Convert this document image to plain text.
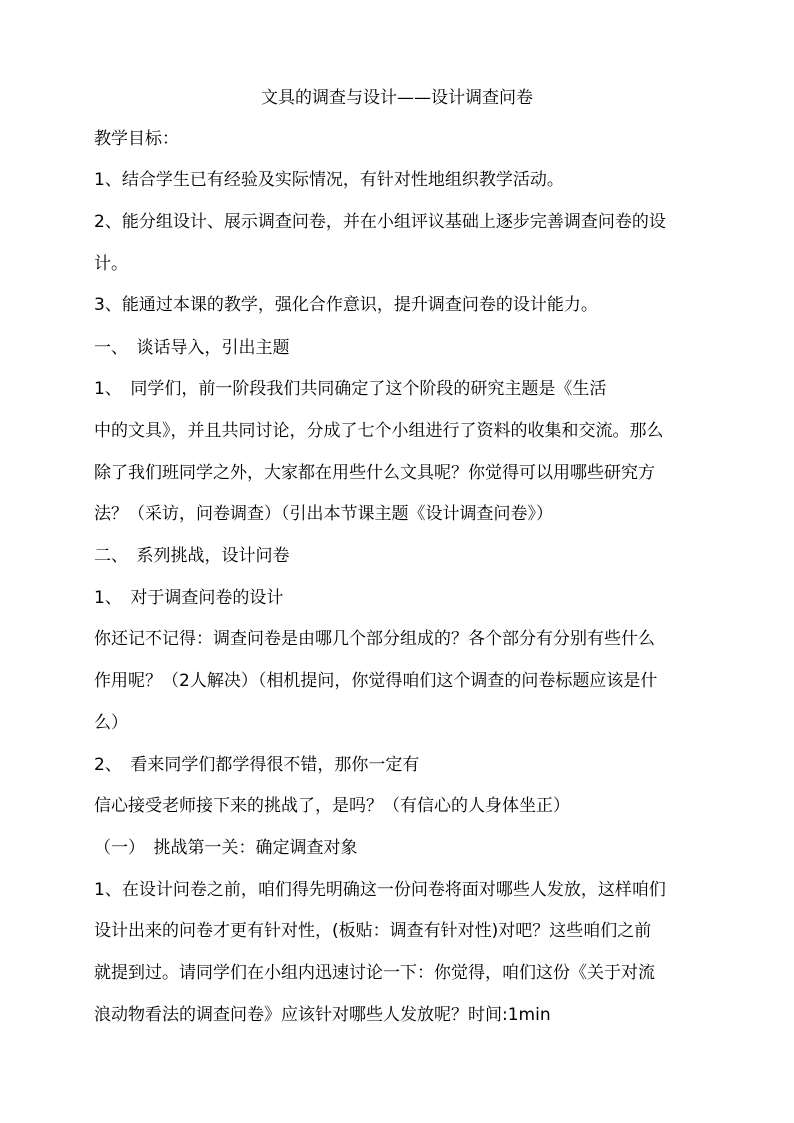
文具的调查与设计——设计调查问卷

教学目标：

1、结合学生已有经验及实际情况，有针对性地组织教学活动。

2、能分组设计、展示调查问卷，并在小组评议基础上逐步完善调查问卷的设

计。

3、能通过本课的教学，强化合作意识，提升调查问卷的设计能力。

一、　谈话导入，引出主题

1、　同学们，前一阶段我们共同确定了这个阶段的研究主题是《生活

中的文具》，并且共同讨论，分成了七个小组进行了资料的收集和交流。那么

除了我们班同学之外，大家都在用些什么文具呢？你觉得可以用哪些研究方

法？（采访，问卷调查）（引出本节课主题《设计调查问卷》）

二、　系列挑战，设计问卷

1、　对于调查问卷的设计

你还记不记得：调查问卷是由哪几个部分组成的？各个部分有分别有些什么

作用呢？（2人解决）（相机提问，你觉得咱们这个调查的问卷标题应该是什

么）

2、　看来同学们都学得很不错，那你一定有

信心接受老师接下来的挑战了，是吗？（有信心的人身体坐正）

（一）　挑战第一关：确定调查对象

1、在设计问卷之前，咱们得先明确这一份问卷将面对哪些人发放，这样咱们

设计出来的问卷才更有针对性，(板贴：调查有针对性)对吧？这些咱们之前

就提到过。请同学们在小组内迅速讨论一下：你觉得，咱们这份《关于对流

浪动物看法的调查问卷》应该针对哪些人发放呢？时间:1min
